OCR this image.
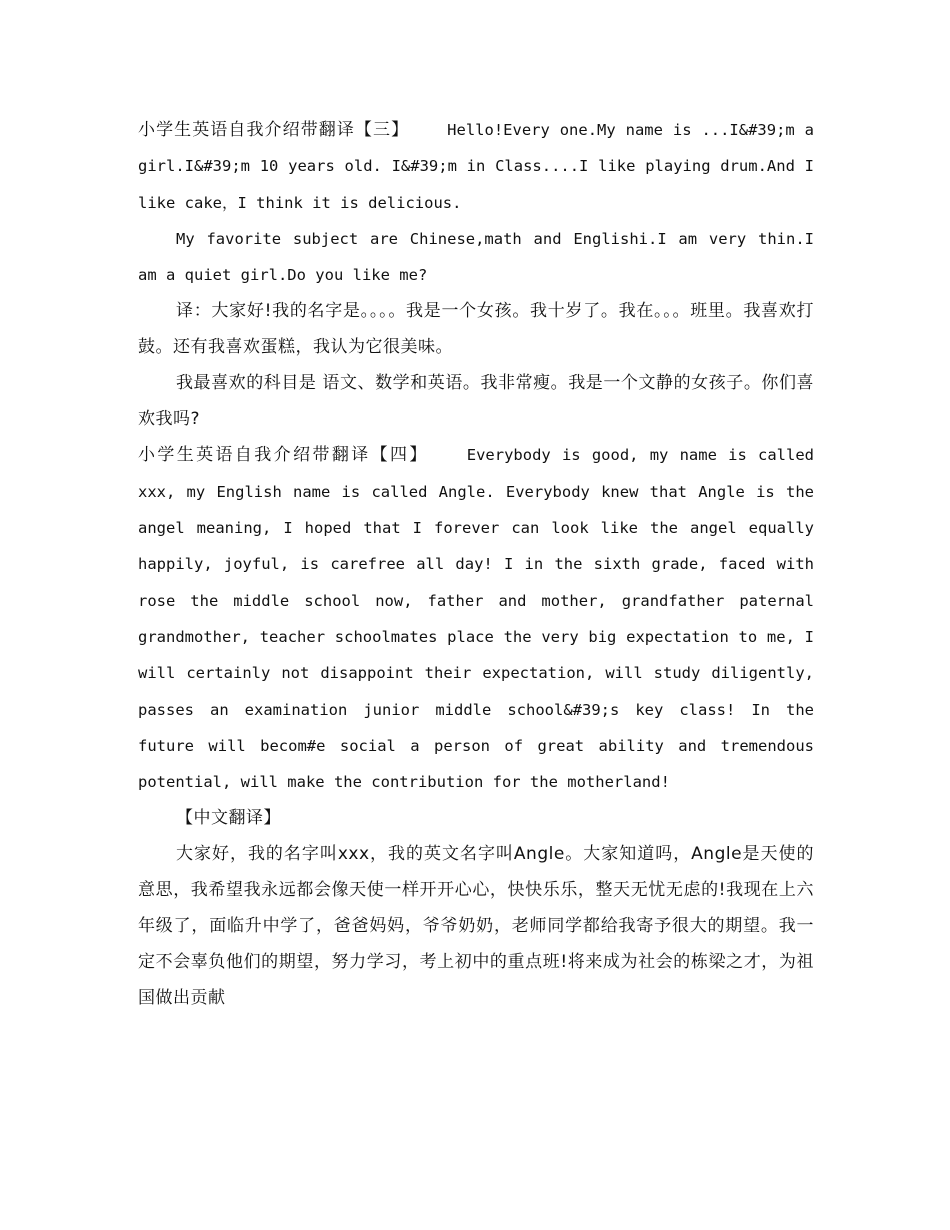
小学生英语自我介绍带翻译【三】 Hello!Every one.My name is ...I&#39;m a girl.I&#39;m 10 years old. I&#39;m in Class....I like playing drum.And I like cake，I think it is delicious.

My favorite subject are Chinese,math and Englishi.I am very thin.I am a quiet girl.Do you like me?

译：大家好!我的名字是。。。。我是一个女孩。我十岁了。我在。。。班里。我喜欢打鼓。还有我喜欢蛋糕，我认为它很美味。

我最喜欢的科目是 语文、数学和英语。我非常瘦。我是一个文静的女孩子。你们喜欢我吗?

小学生英语自我介绍带翻译【四】 Everybody is good, my name is called xxx, my English name is called Angle. Everybody knew that Angle is the angel meaning, I hoped that I forever can look like the angel equally happily, joyful, is carefree all day! I in the sixth grade, faced with rose the middle school now, father and mother, grandfather paternal grandmother, teacher schoolmates place the very big expectation to me, I will certainly not disappoint their expectation, will study diligently, passes an examination junior middle school&#39;s key class! In the future will becom#e social a person of great ability and tremendous potential, will make the contribution for the motherland!

【中文翻译】

大家好，我的名字叫xxx，我的英文名字叫Angle。大家知道吗，Angle是天使的意思，我希望我永远都会像天使一样开开心心，快快乐乐，整天无忧无虑的!我现在上六年级了，面临升中学了，爸爸妈妈，爷爷奶奶，老师同学都给我寄予很大的期望。我一定不会辜负他们的期望，努力学习，考上初中的重点班!将来成为社会的栋梁之才，为祖国做出贡献
